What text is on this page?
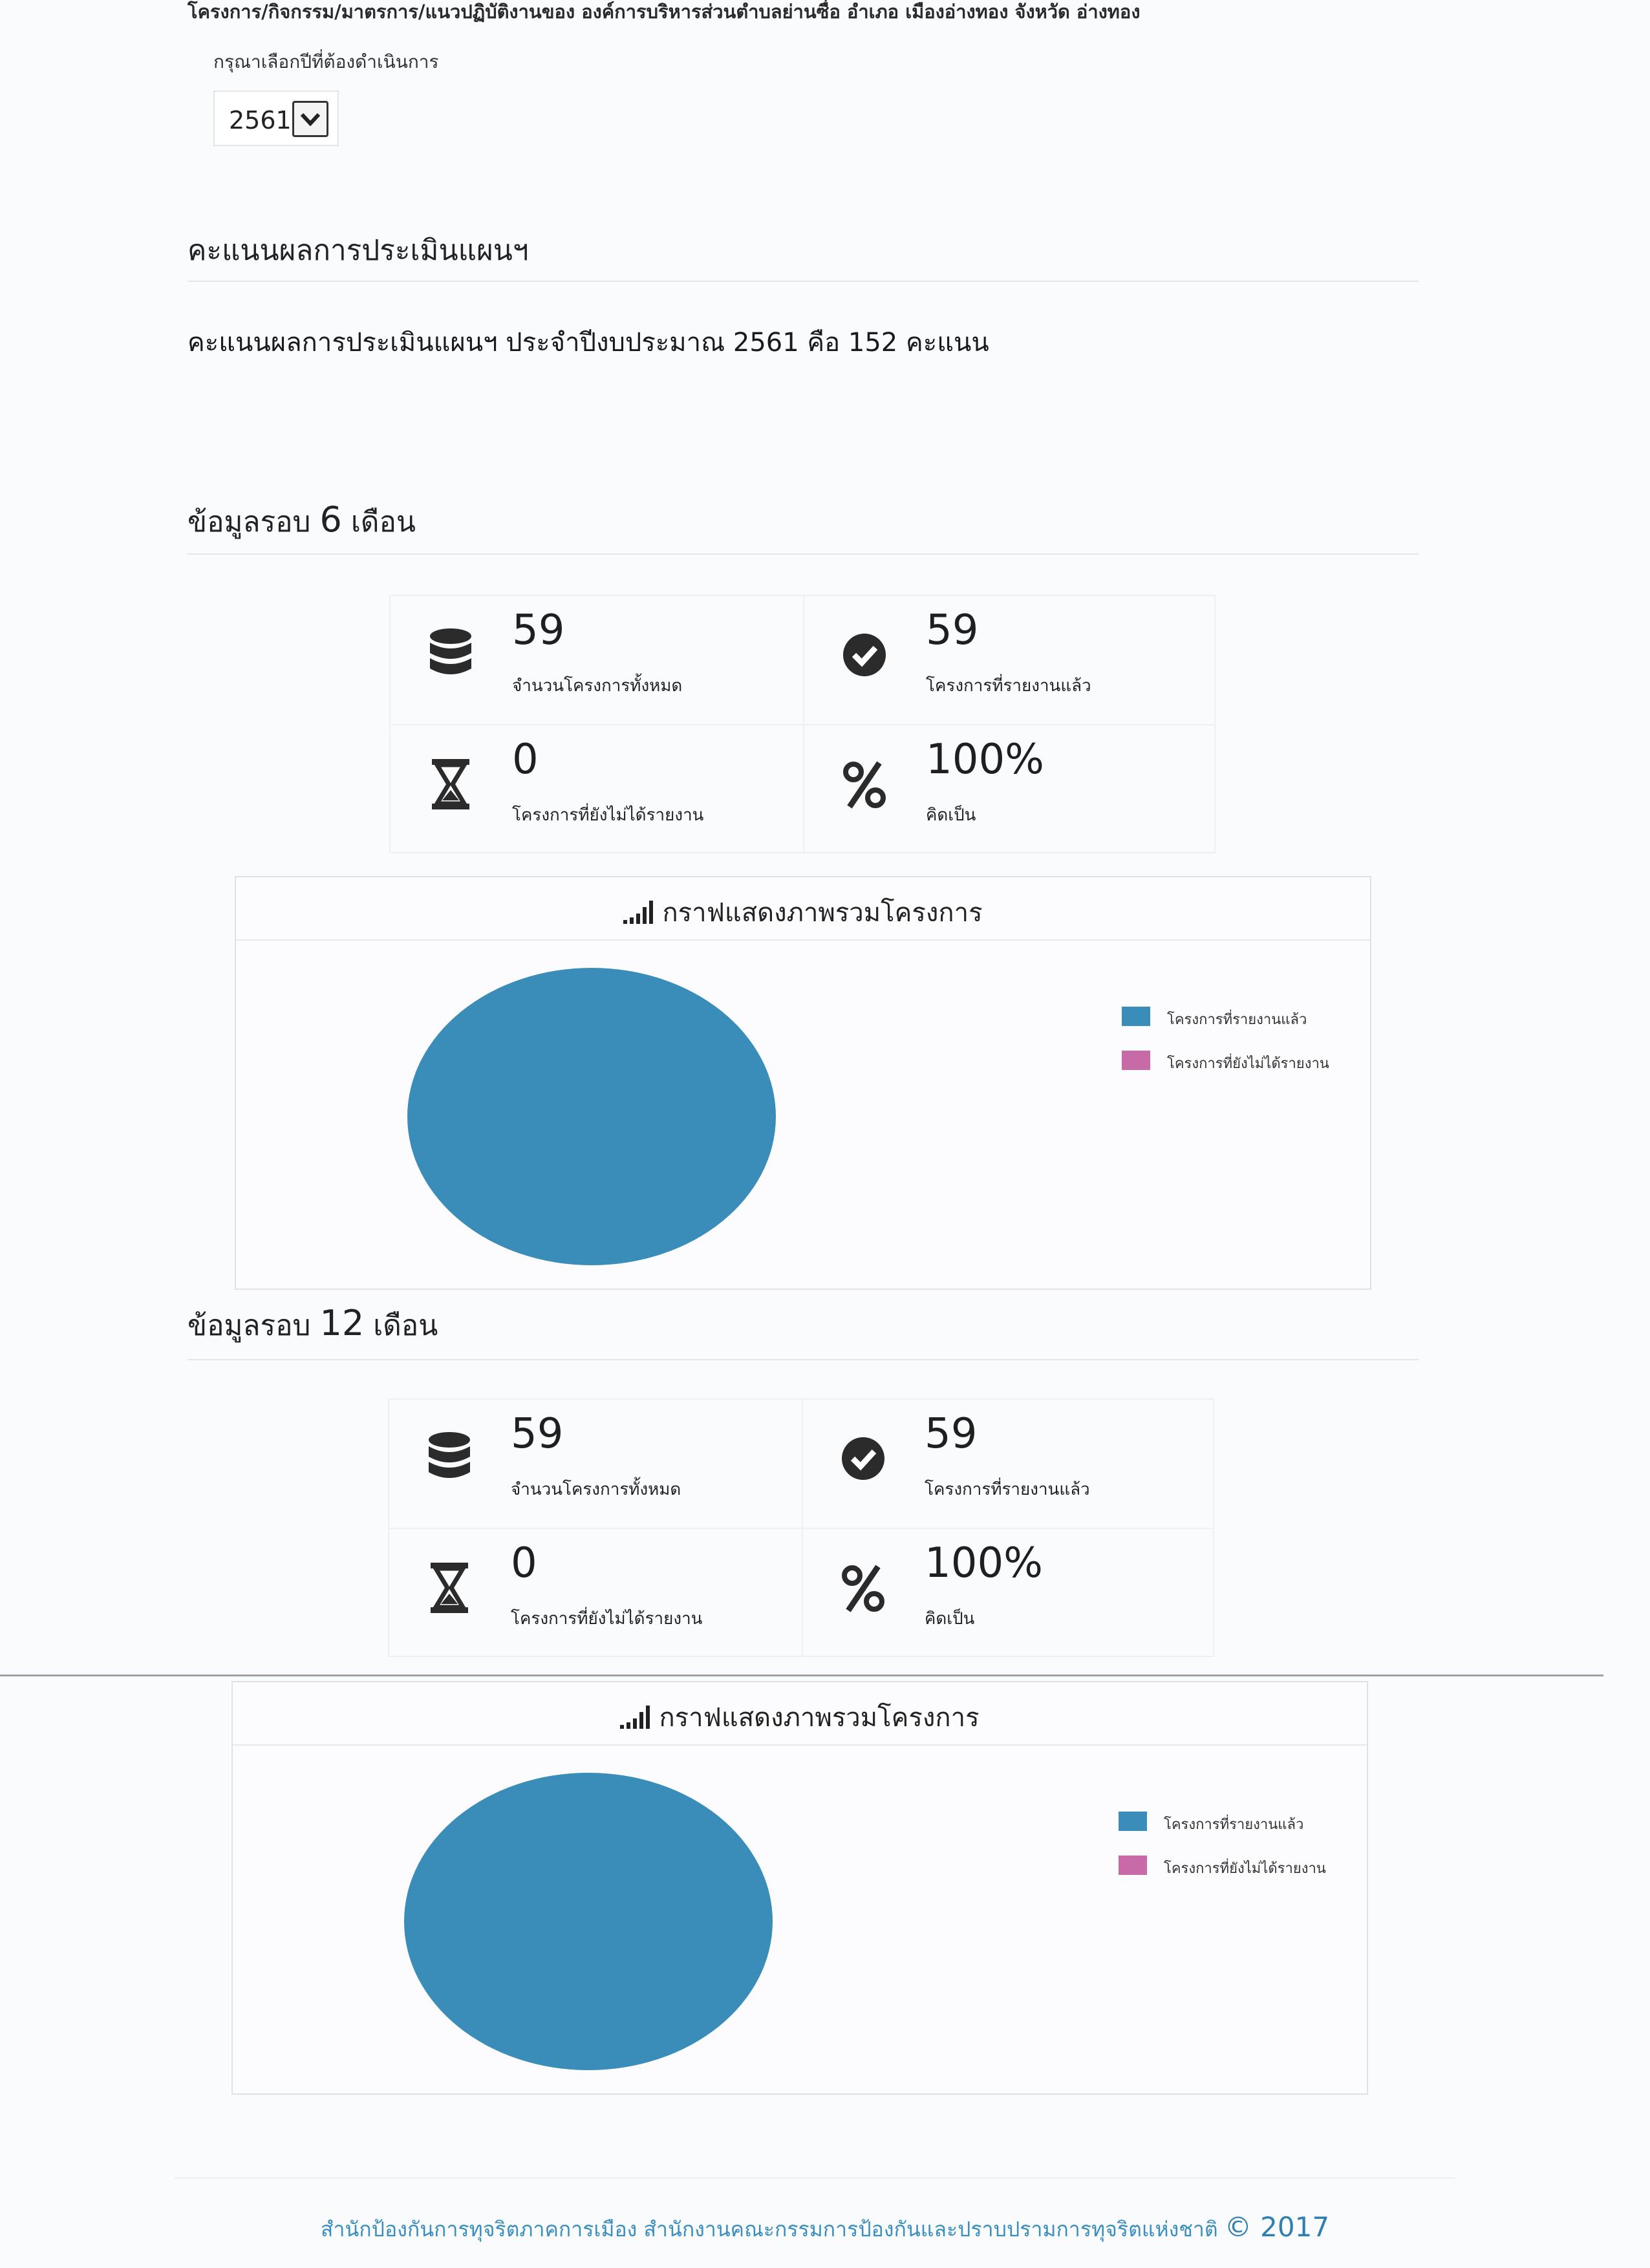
โครงการ/กิจกรรม/มาตรการ/แนวปฏิบัติงานของ องค์การบริหารส่วนตำบลย่านซื่อ อำเภอ เมืองอ่างทอง จังหวัด อ่างทอง
กรุณาเลือกปีที่ต้องดำเนินการ
2561
คะแนนผลการประเมินแผนฯ
คะแนนผลการประเมินแผนฯ ประจำปีงบประมาณ 2561 คือ 152 คะแนน
ข้อมูลรอบ 6 เดือน
59
จำนวนโครงการทั้งหมด
59
โครงการที่รายงานแล้ว
0
โครงการที่ยังไม่ได้รายงาน
100%
คิดเป็น
กราฟแสดงภาพรวมโครงการ
โครงการที่รายงานแล้ว
โครงการที่ยังไม่ได้รายงาน
ข้อมูลรอบ 12 เดือน
59
จำนวนโครงการทั้งหมด
59
โครงการที่รายงานแล้ว
0
โครงการที่ยังไม่ได้รายงาน
100%
คิดเป็น
กราฟแสดงภาพรวมโครงการ
โครงการที่รายงานแล้ว
โครงการที่ยังไม่ได้รายงาน
สำนักป้องกันการทุจริตภาคการเมือง สำนักงานคณะกรรมการป้องกันและปราบปรามการทุจริตแห่งชาติ © 2017
